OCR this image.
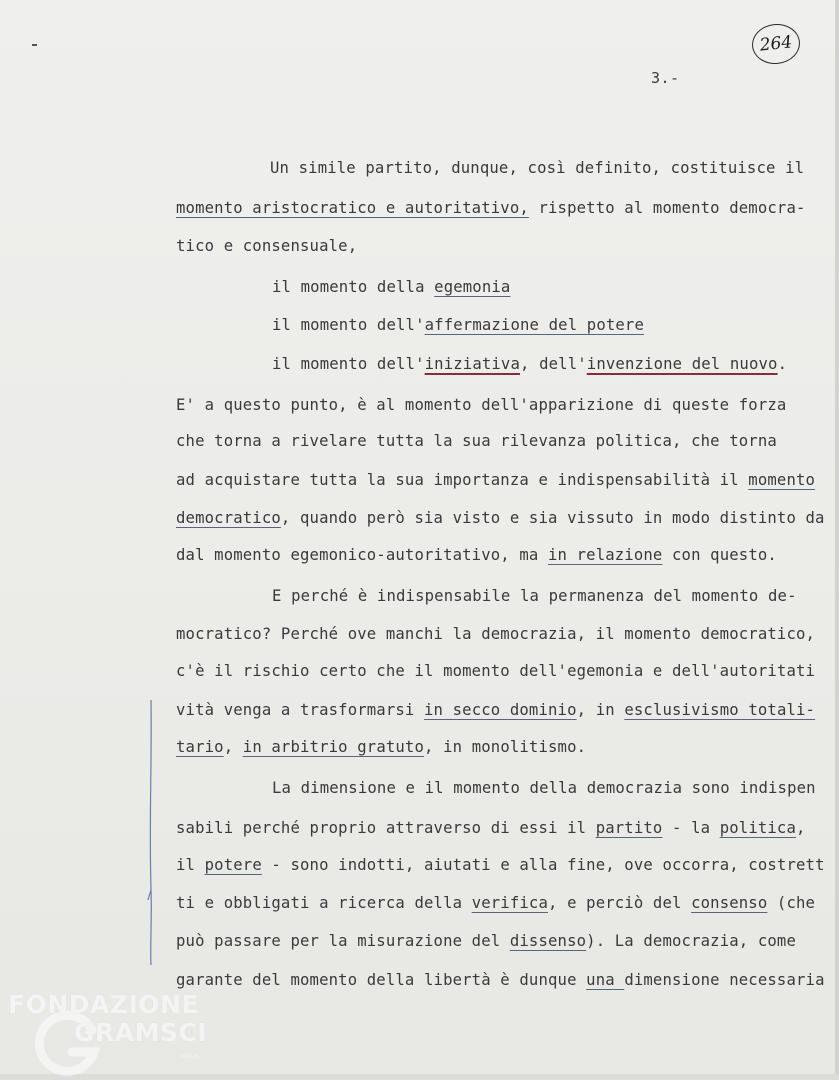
264
3.-
Un simile partito, dunque, così definito, costituisce il
momento aristocratico e autoritativo, rispetto al momento democra-
tico e consensuale,
il momento della egemonia
il momento dell'affermazione del potere
il momento dell'iniziativa, dell'invenzione del nuovo.
E' a questo punto, è al momento dell'apparizione di queste forza
che torna a rivelare tutta la sua rilevanza politica, che torna
ad acquistare tutta la sua importanza e indispensabilità il momento
democratico, quando però sia visto e sia vissuto in modo distinto da
dal momento egemonico-autoritativo, ma in relazione con questo.
E perché è indispensabile la permanenza del momento de-
mocratico? Perché ove manchi la democrazia, il momento democratico,
c'è il rischio certo che il momento dell'egemonia e dell'autoritati
vità venga a trasformarsi in secco dominio, in esclusivismo totali-
tario, in arbitrio gratuto, in monolitismo.
La dimensione e il momento della democrazia sono indispen
sabili perché proprio attraverso di essi il partito - la politica,
il potere - sono indotti, aiutati e alla fine, ove occorra, costrett
ti e obbligati a ricerca della verifica, e perciò del consenso (che
può passare per la misurazione del dissenso). La democrazia, come
garante del momento della libertà è dunque una dimensione necessaria
FONDAZIONE
GRAMSCI
onlus
